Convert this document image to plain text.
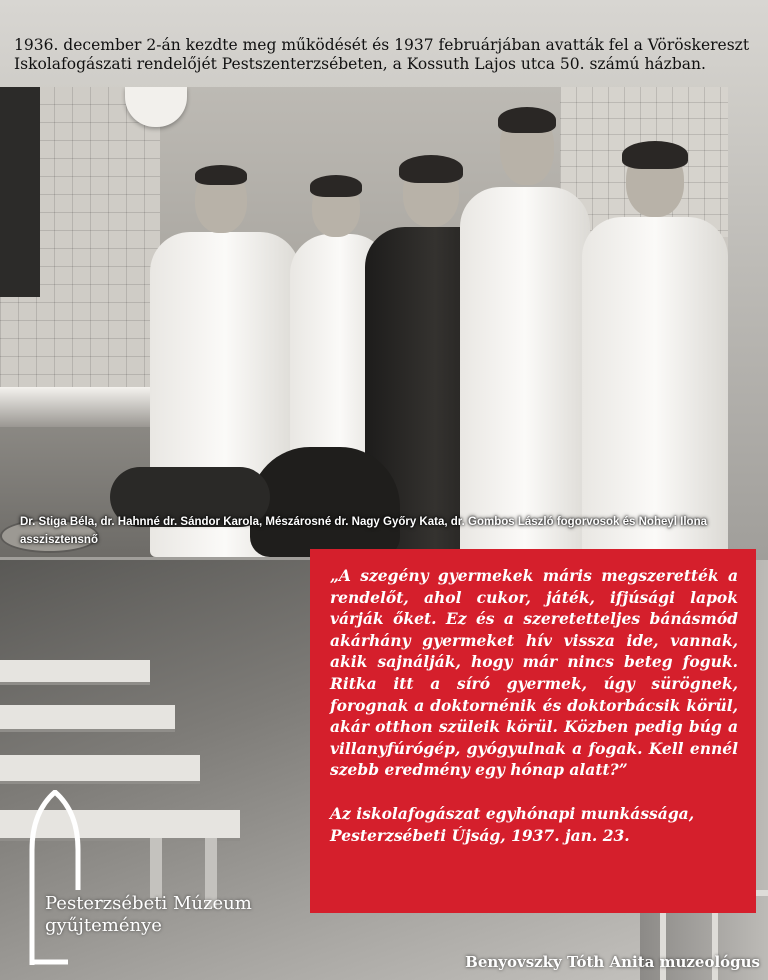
1936. december 2-án kezdte meg működését és 1937 februárjában avatták fel a Vöröskereszt Iskolafogászati rendelőjét Pestszenterzsébeten, a Kossuth Lajos utca 50. számú házban.

Dr. Stiga Béla, dr. Hahnné dr. Sándor Karola, Mészárosné dr. Nagy Győry Kata, dr. Gombos László fogorvosok és Noheyl Ilona asszisztensnő

„A szegény gyermekek máris megszerették a rendelőt, ahol cukor, játék, ifjúsági lapok várják őket. Ez és a szeretetteljes bánásmód akárhány gyermeket hív vissza ide, vannak, akik sajnálják, hogy már nincs beteg foguk. Ritka itt a síró gyermek, úgy sürögnek, forognak a doktornénik és doktorbácsik körül, akár otthon szüleik körül. Közben pedig búg a villanyfúrógép, gyógyulnak a fogak. Kell ennél szebb eredmény egy hónap alatt?”

Az iskolafogászat egyhónapi munkássága,
Pesterzsébeti Újság, 1937. jan. 23.

Pesterzsébeti Múzeum
gyűjteménye

Benyovszky Tóth Anita muzeológus
